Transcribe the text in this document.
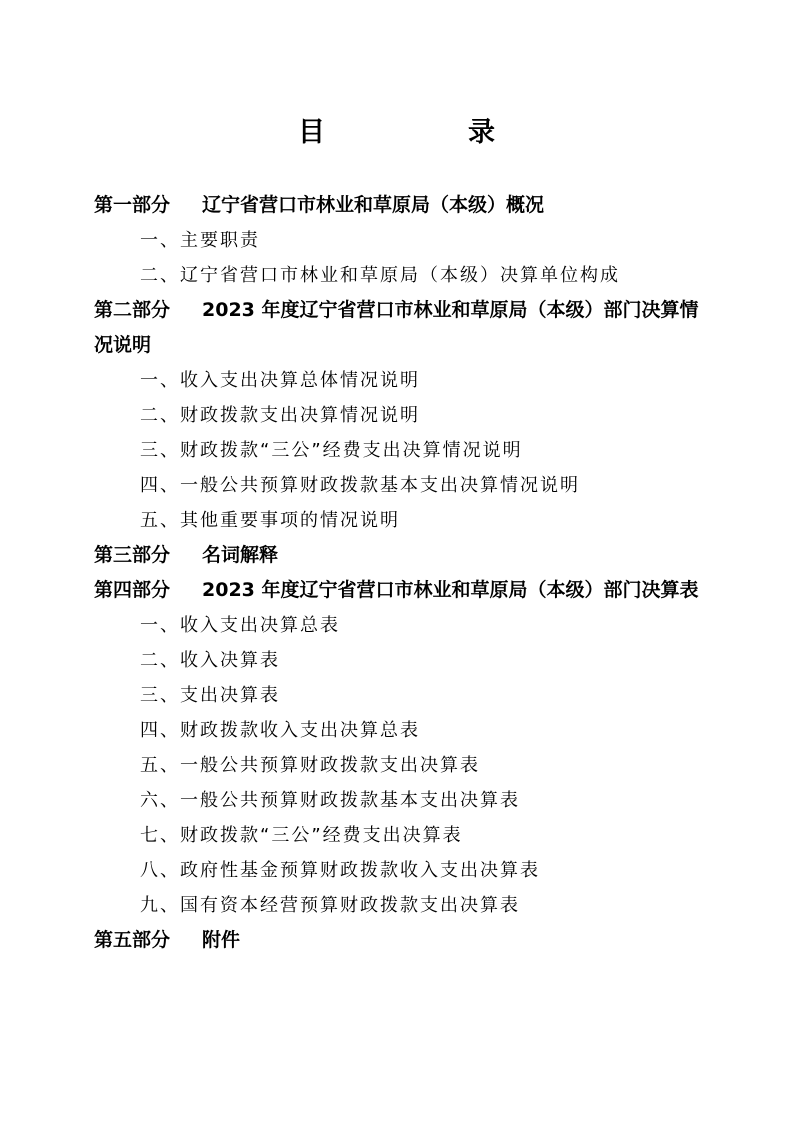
目　录
第一部分 辽宁省营口市林业和草原局（本级）概况
一、主要职责
二、辽宁省营口市林业和草原局（本级）决算单位构成
第二部分 2023 年度辽宁省营口市林业和草原局（本级）部门决算情况说明
一、收入支出决算总体情况说明
二、财政拨款支出决算情况说明
三、财政拨款“三公”经费支出决算情况说明
四、一般公共预算财政拨款基本支出决算情况说明
五、其他重要事项的情况说明
第三部分 名词解释
第四部分 2023 年度辽宁省营口市林业和草原局（本级）部门决算表
一、收入支出决算总表
二、收入决算表
三、支出决算表
四、财政拨款收入支出决算总表
五、一般公共预算财政拨款支出决算表
六、一般公共预算财政拨款基本支出决算表
七、财政拨款“三公”经费支出决算表
八、政府性基金预算财政拨款收入支出决算表
九、国有资本经营预算财政拨款支出决算表
第五部分 附件
